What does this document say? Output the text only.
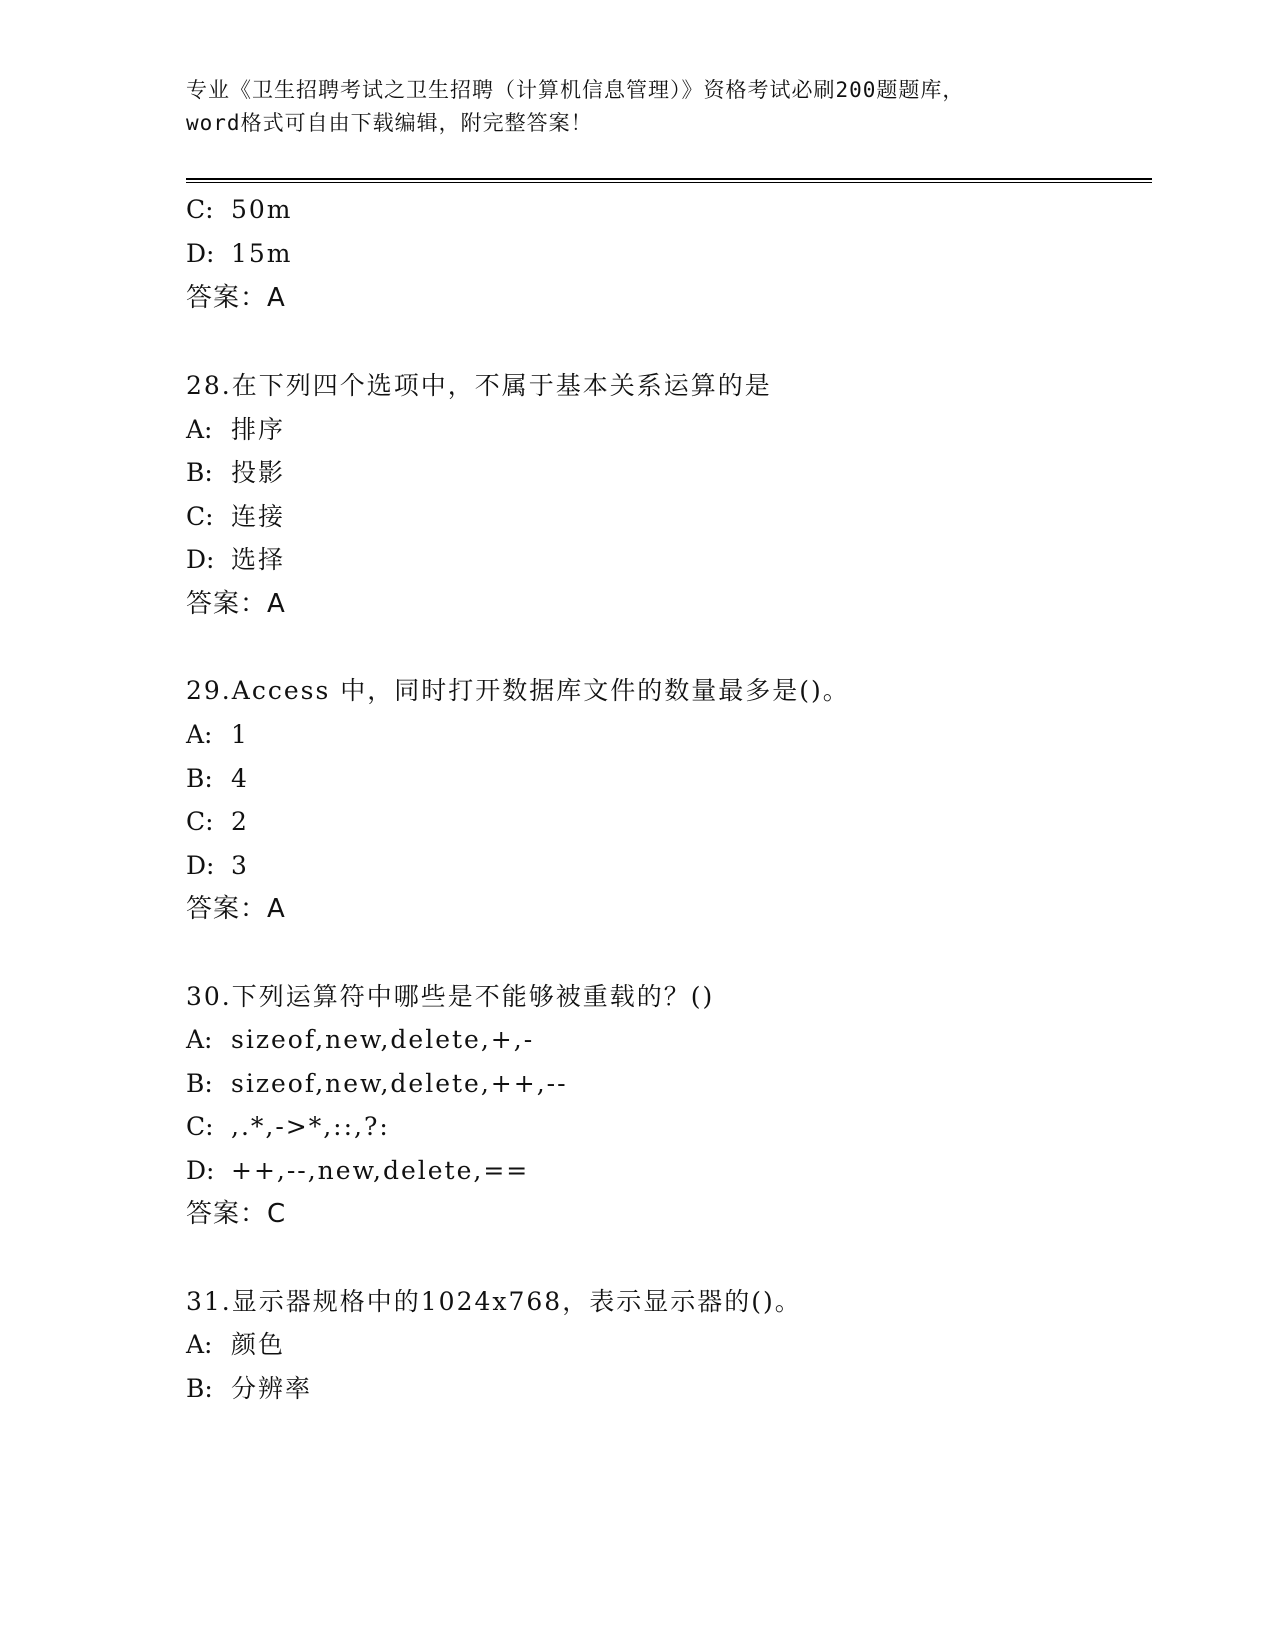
专业《卫生招聘考试之卫生招聘（计算机信息管理）》资格考试必刷200题题库，
word格式可自由下载编辑，附完整答案！
C: 50m
D: 15m
答案：A
28.在下列四个选项中，不属于基本关系运算的是
A: 排序
B: 投影
C: 连接
D: 选择
答案：A
29.Access 中，同时打开数据库文件的数量最多是()。
A: 1
B: 4
C: 2
D: 3
答案：A
30.下列运算符中哪些是不能够被重载的？()
A: sizeof,new,delete,+,-
B: sizeof,new,delete,++,--
C: ,.*,->*,::,?:
D: ++,--,new,delete,==
答案：C
31.显示器规格中的1024x768，表示显示器的()。
A: 颜色
B: 分辨率
